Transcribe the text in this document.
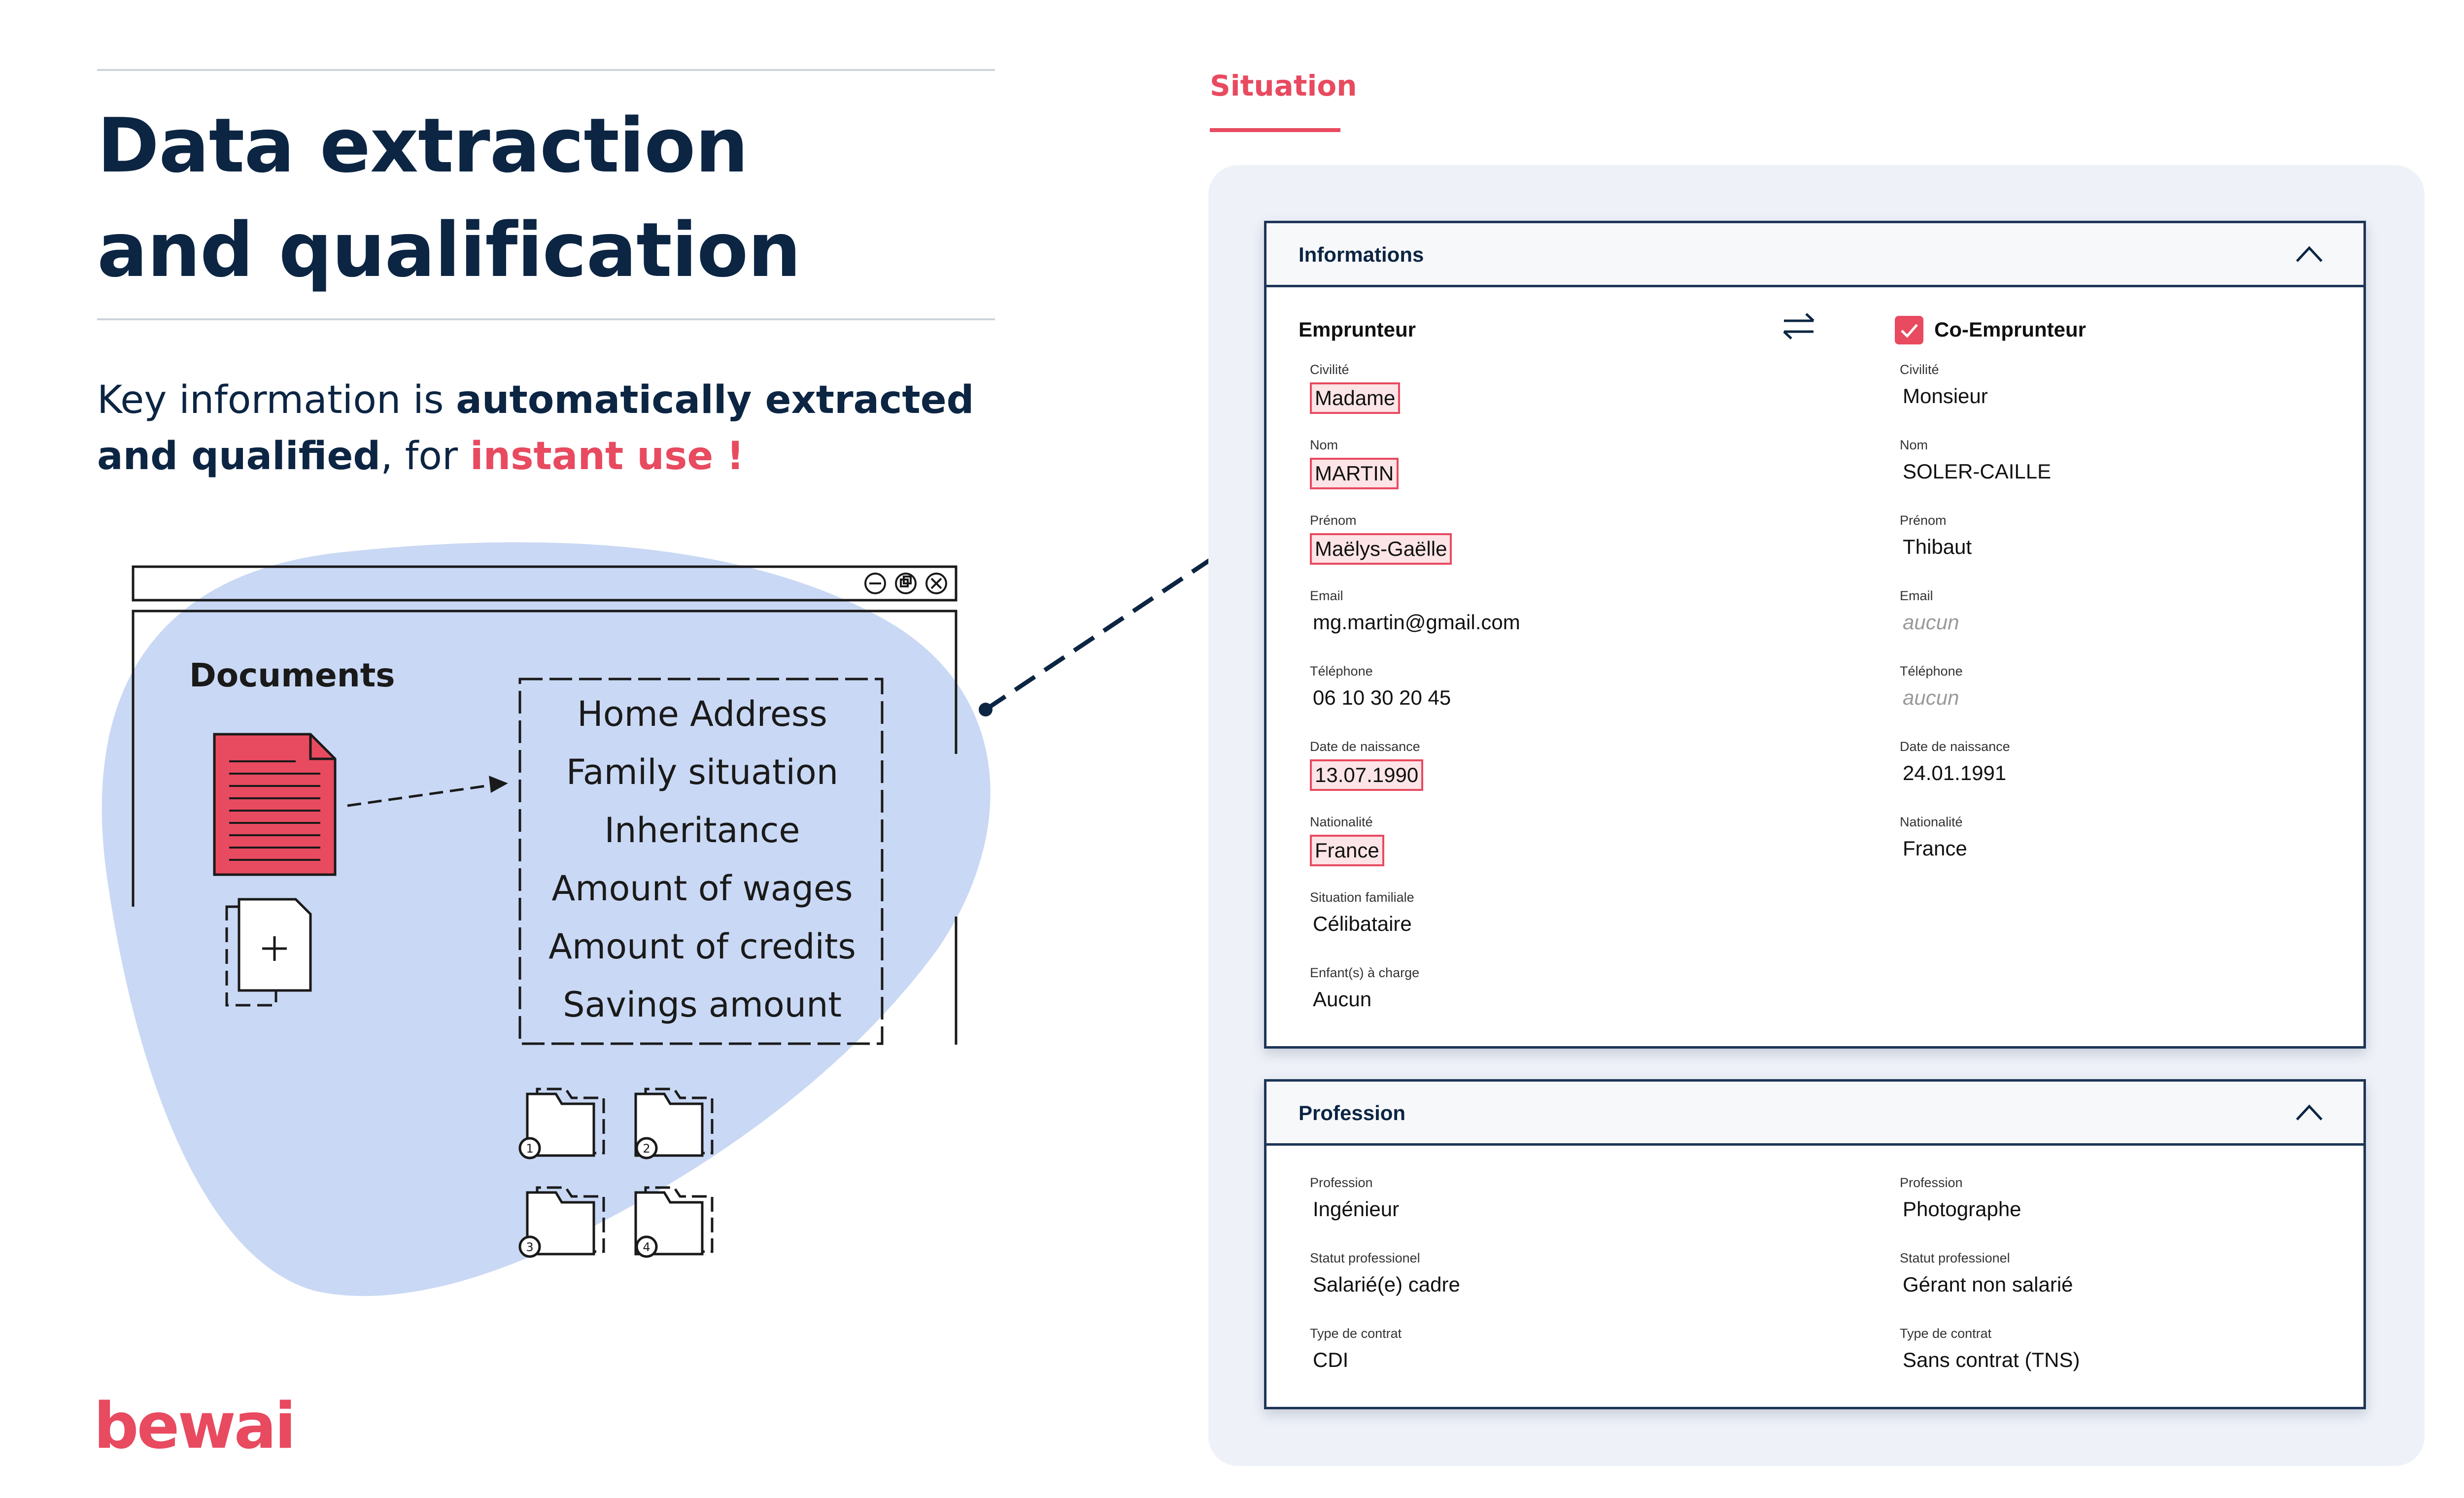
Data extraction
and qualification
Key information is automatically extracted and qualified, for instant use !
1	2
3	4
Documents
Home Address
Family situation
Inheritance
Amount of wages
Amount of credits
Savings amount
bewai
Situation
Informations
Emprunteur	Co-Emprunteur
Civilité
Madame
Nom
MARTIN
Prénom
Maëlys-Gaëlle
Email
mg.martin@gmail.com
Téléphone
06 10 30 20 45
Date de naissance
13.07.1990
Nationalité
France
Situation familiale
Célibataire
Enfant(s) à charge
Aucun
Civilité
Monsieur
Nom
SOLER-CAILLE
Prénom
Thibaut
Email
aucun
Téléphone
aucun
Date de naissance
24.01.1991
Nationalité
France
Profession
Profession
Ingénieur
Statut professionel
Salarié(e) cadre
Type de contrat
CDI
Profession
Photographe
Statut professionel
Gérant non salarié
Type de contrat
Sans contrat (TNS)
